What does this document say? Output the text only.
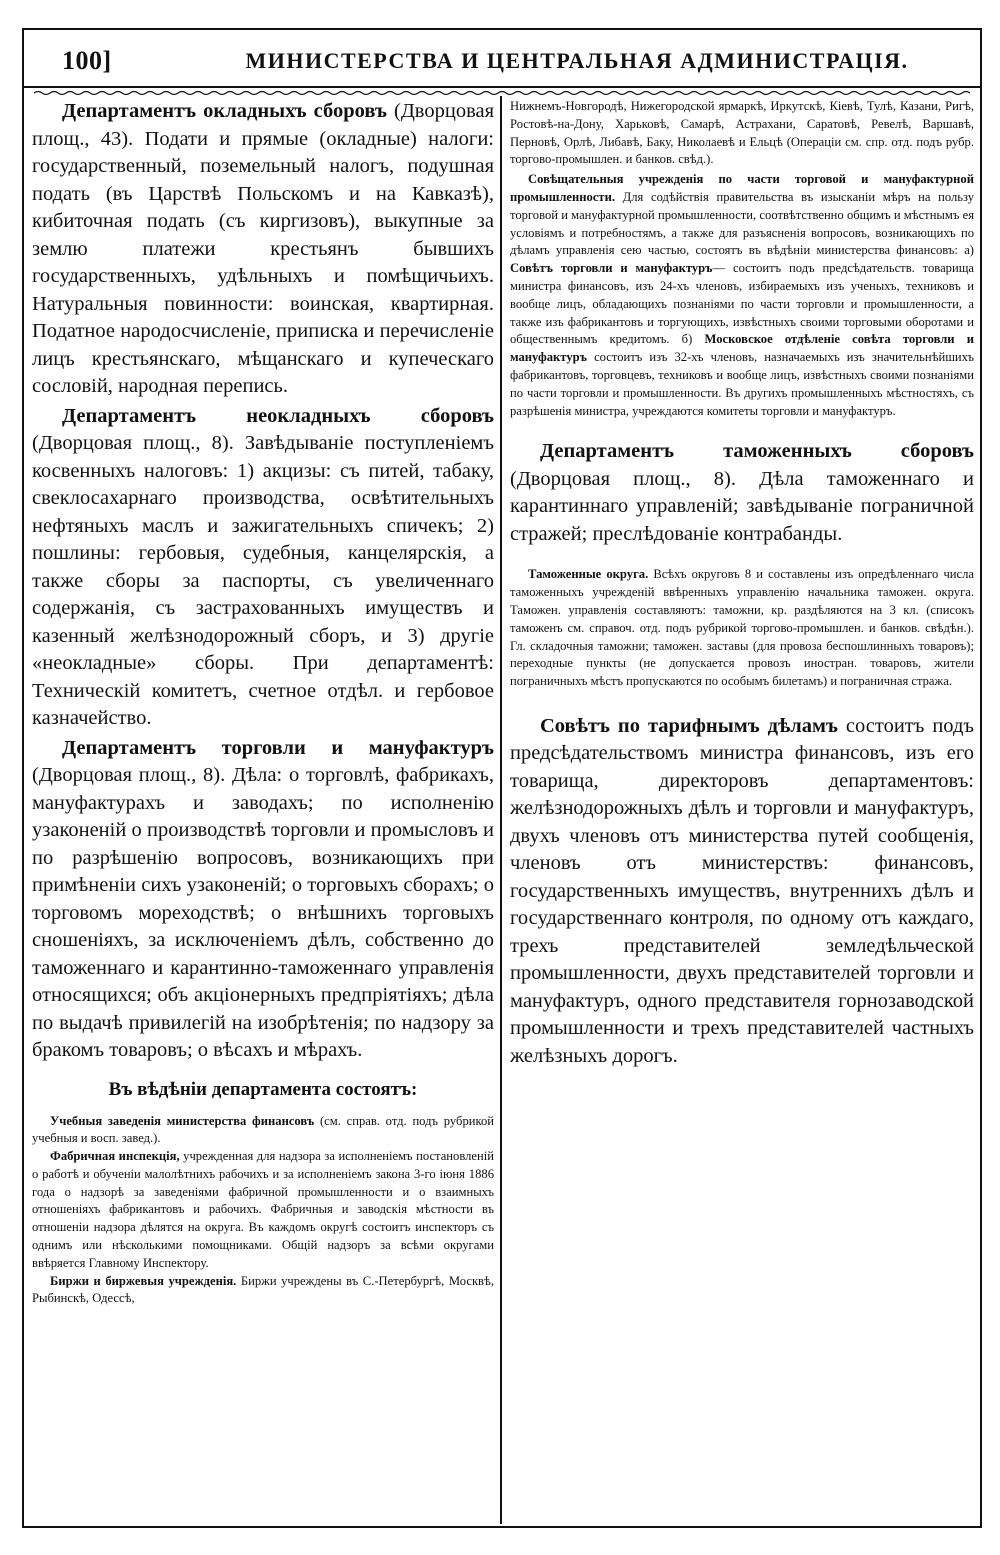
100]	МИНИСТЕРСТВА И ЦЕНТРАЛЬНАЯ АДМИНИСТРАЦІЯ.

Департаментъ окладныхъ сборовъ (Дворцовая площ., 43). Подати и прямые (окладные) налоги: государственный, поземельный налогъ, подушная подать (въ Царствѣ Польскомъ и на Кавказѣ), кибиточная подать (съ киргизовъ), выкупные за землю платежи крестьянъ бывшихъ государственныхъ, удѣльныхъ и помѣщичьихъ. Натуральныя повинности: воинская, квартирная. Податное народосчисленіе, приписка и перечисленіе лицъ крестьянскаго, мѣщанскаго и купеческаго сословій, народная перепись.

Департаментъ неокладныхъ сборовъ (Дворцовая площ., 8). Завѣдываніе поступленіемъ косвенныхъ налоговъ: 1) акцизы: съ питей, табаку, свеклосахарнаго производства, освѣтительныхъ нефтяныхъ маслъ и зажигательныхъ спичекъ; 2) пошлины: гербовыя, судебныя, канцелярскія, а также сборы за паспорты, съ увеличеннаго содержанія, съ застрахованныхъ имуществъ и казенный желѣзнодорожный сборъ, и 3) другіе «неокладные» сборы. При департаментѣ: Техническій комитетъ, счетное отдѣл. и гербовое казначейство.

Департаментъ торговли и мануфактуръ (Дворцовая площ., 8). Дѣла: о торговлѣ, фабрикахъ, мануфактурахъ и заводахъ; по исполненію узаконеній о производствѣ торговли и промысловъ и по разрѣшенію вопросовъ, возникающихъ при примѣненіи сихъ узаконеній; о торговыхъ сборахъ; о торговомъ мореходствѣ; о внѣшнихъ торговыхъ сношеніяхъ, за исключеніемъ дѣлъ, собственно до таможеннаго и карантинно-таможеннаго управленія относящихся; объ акціонерныхъ предпріятіяхъ; дѣла по выдачѣ привилегій на изобрѣтенія; по надзору за бракомъ товаровъ; о вѣсахъ и мѣрахъ.

Въ вѣдѣніи департамента состоятъ:

Учебныя заведенія министерства финансовъ (см. справ. отд. подъ рубрикой учебныя и восп. завед.).

Фабричная инспекція, учрежденная для надзора за исполненіемъ постановленій о работѣ и обученіи малолѣтнихъ рабочихъ и за исполненіемъ закона 3-го іюня 1886 года о надзорѣ за заведеніями фабричной промышленности и о взаимныхъ отношеніяхъ фабрикантовъ и рабочихъ. Фабричныя и заводскія мѣстности въ отношеніи надзора дѣлятся на округа. Въ каждомъ округѣ состоитъ инспекторъ съ однимъ или нѣсколькими помощниками. Общій надзоръ за всѣми округами ввѣряется Главному Инспектору.

Биржи и биржевыя учрежденія. Биржи учреждены въ С.-Петербургѣ, Москвѣ, Рыбинскѣ, Одессѣ,

Нижнемъ-Новгородѣ, Нижегородской ярмаркѣ, Иркутскѣ, Кіевѣ, Тулѣ, Казани, Ригѣ, Ростовѣ-на-Дону, Харьковѣ, Самарѣ, Астрахани, Саратовѣ, Ревелѣ, Варшавѣ, Перновѣ, Орлѣ, Либавѣ, Баку, Николаевѣ и Ельцѣ (Операціи см. спр. отд. подъ рубр. торгово-промышлен. и банков. свѣд.).

Совѣщательныя учрежденія по части торговой и мануфактурной промышленности. Для содѣйствія правительства въ изысканіи мѣръ на пользу торговой и мануфактурной промышленности, соотвѣтственно общимъ и мѣстнымъ ея условіямъ и потребностямъ, а также для разъясненія вопросовъ, возникающихъ по дѣламъ управленія сею частью, состоятъ въ вѣдѣніи министерства финансовъ: а) Совѣтъ торговли и мануфактуръ— состоитъ подъ предсѣдательств. товарища министра финансовъ, изъ 24-хъ членовъ, избираемыхъ изъ ученыхъ, техниковъ и вообще лицъ, обладающихъ познаніями по части торговли и промышленности, а также изъ фабрикантовъ и торгующихъ, извѣстныхъ своими торговыми оборотами и общественнымъ кредитомъ. б) Московское отдѣленіе совѣта торговли и мануфактуръ состоитъ изъ 32-хъ членовъ, назначаемыхъ изъ значительнѣйшихъ фабрикантовъ, торговцевъ, техниковъ и вообще лицъ, извѣстныхъ своими познаніями по части торговли и промышленности. Въ другихъ промышленныхъ мѣстностяхъ, съ разрѣшенія министра, учреждаются комитеты торговли и мануфактуръ.

Департаментъ таможенныхъ сборовъ (Дворцовая площ., 8). Дѣла таможеннаго и карантиннаго управленій; завѣдываніе пограничной стражей; преслѣдованіе контрабанды.

Таможенные округа. Всѣхъ округовъ 8 и составлены изъ опредѣленнаго числа таможенныхъ учрежденій ввѣренныхъ управленію начальника таможен. округа. Таможен. управленія составляютъ: таможни, кр. раздѣляются на 3 кл. (списокъ таможенъ см. справоч. отд. подъ рубрикой торгово-промышлен. и банков. свѣдѣн.). Гл. складочныя таможни; таможен. заставы (для провоза беспошлинныхъ товаровъ); переходные пункты (не допускается провозъ иностран. товаровъ, жители пограничныхъ мѣстъ пропускаются по особымъ билетамъ) и пограничная стража.

Совѣтъ по тарифнымъ дѣламъ состоитъ подъ предсѣдательствомъ министра финансовъ, изъ его товарища, директоровъ департаментовъ: желѣзнодорожныхъ дѣлъ и торговли и мануфактуръ, двухъ членовъ отъ министерства путей сообщенія, членовъ отъ министерствъ: финансовъ, государственныхъ имуществъ, внутреннихъ дѣлъ и государственнаго контроля, по одному отъ каждаго, трехъ представителей земледѣльческой промышленности, двухъ представителей торговли и мануфактуръ, одного представителя горнозаводской промышленности и трехъ представителей частныхъ желѣзныхъ дорогъ.
